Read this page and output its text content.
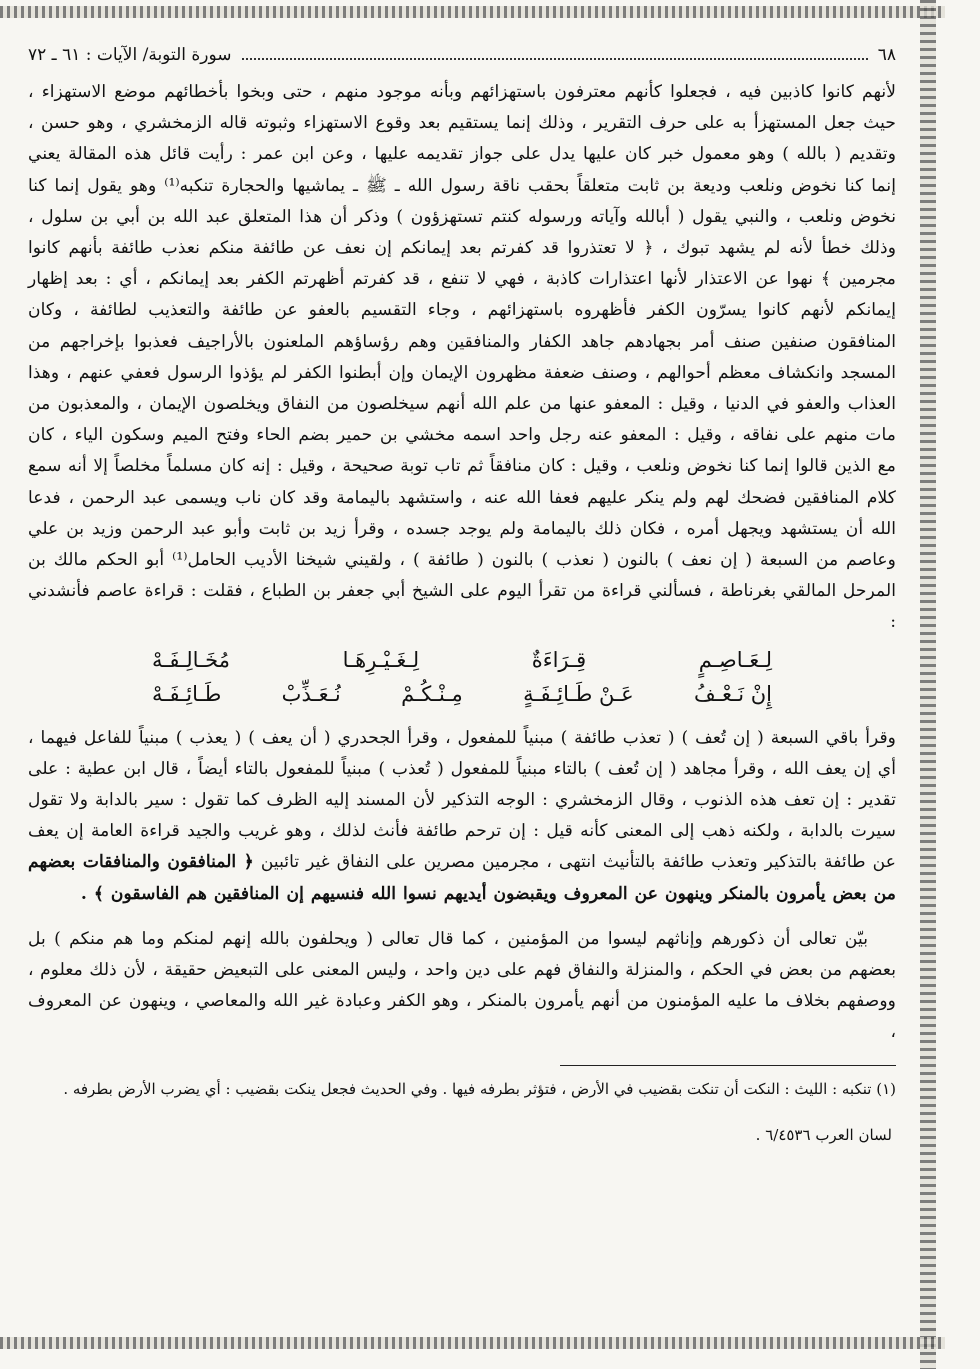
٦٨
سورة التوبة/ الآيات : ٦١ ـ ٧٢

لأنهم كانوا كاذبين فيه ، فجعلوا كأنهم معترفون باستهزائهم وبأنه موجود منهم ، حتى وبخوا بأخطائهم موضع الاستهزاء ، حيث جعل المستهزأ به على حرف التقرير ، وذلك إنما يستقيم بعد وقوع الاستهزاء وثبوته قاله الزمخشري ، وهو حسن ، وتقديم ( بالله ) وهو معمول خبر كان عليها يدل على جواز تقديمه عليها ، وعن ابن عمر : رأيت قائل هذه المقالة يعني إنما كنا نخوض ونلعب وديعة بن ثابت متعلقاً بحقب ناقة رسول الله ـ ﷺ ـ يماشيها والحجارة تنكبه⁽¹⁾ وهو يقول إنما كنا نخوض ونلعب ، والنبي يقول ( أبالله وآياته ورسوله كنتم تستهزؤون ) وذكر أن هذا المتعلق عبد الله بن أبي بن سلول ، وذلك خطأ لأنه لم يشهد تبوك ، ﴿ لا تعتذروا قد كفرتم بعد إيمانكم إن نعف عن طائفة منكم نعذب طائفة بأنهم كانوا مجرمين ﴾ نهوا عن الاعتذار لأنها اعتذارات كاذبة ، فهي لا تنفع ، قد كفرتم أظهرتم الكفر بعد إيمانكم ، أي : بعد إظهار إيمانكم لأنهم كانوا يسرّون الكفر فأظهروه باستهزائهم ، وجاء التقسيم بالعفو عن طائفة والتعذيب لطائفة ، وكان المنافقون صنفين صنف أمر بجهادهم جاهد الكفار والمنافقين وهم رؤساؤهم الملعنون بالأراجيف فعذبوا بإخراجهم من المسجد وانكشاف معظم أحوالهم ، وصنف ضعفة مظهرون الإيمان وإن أبطنوا الكفر لم يؤذوا الرسول فعفي عنهم ، وهذا العذاب والعفو في الدنيا ، وقيل : المعفو عنها من علم الله أنهم سيخلصون من النفاق ويخلصون الإيمان ، والمعذبون من مات منهم على نفاقه ، وقيل : المعفو عنه رجل واحد اسمه مخشي بن حمير بضم الحاء وفتح الميم وسكون الياء ، كان مع الذين قالوا إنما كنا نخوض ونلعب ، وقيل : كان منافقاً ثم تاب توبة صحيحة ، وقيل : إنه كان مسلماً مخلصاً إلا أنه سمع كلام المنافقين فضحك لهم ولم ينكر عليهم فعفا الله عنه ، واستشهد باليمامة وقد كان ناب ويسمى عبد الرحمن ، فدعا الله أن يستشهد ويجهل أمره ، فكان ذلك باليمامة ولم يوجد جسده ، وقرأ زيد بن ثابت وأبو عبد الرحمن وزيد بن علي وعاصم من السبعة ( إن نعف ) بالنون ( نعذب ) بالنون ( طائفة ) ، ولقيني شيخنا الأديب الحامل⁽¹⁾ أبو الحكم مالك بن المرحل المالقي بغرناطة ، فسألني قراءة من تقرأ اليوم على الشيخ أبي جعفر بن الطباع ، فقلت : قراءة عاصم فأنشدني :

لِـعَـاصِـمٍ
قِـرَاءَةٌ
لِـغَـيْـرِهَـا
مُخَـالِـفَـهْ
إِنْ نَـعْـفُ
عَـنْ طَـائِـفَـةٍ
مِـنْـكُـمْ
نُـعَـذِّبْ
طَـائِـفَـهْ

وقرأ باقي السبعة ( إن تُعف ) ( تعذب طائفة ) مبنياً للمفعول ، وقرأ الجحدري ( أن يعف ) ( يعذب ) مبنياً للفاعل فيهما ، أي إن يعف الله ، وقرأ مجاهد ( إن تُعف ) بالتاء مبنياً للمفعول ( تُعذب ) مبنياً للمفعول بالتاء أيضاً ، قال ابن عطية : على تقدير : إن تعف هذه الذنوب ، وقال الزمخشري : الوجه التذكير لأن المسند إليه الظرف كما تقول : سير بالدابة ولا تقول سيرت بالدابة ، ولكنه ذهب إلى المعنى كأنه قيل : إن ترحم طائفة فأنث لذلك ، وهو غريب والجيد قراءة العامة إن يعف عن طائفة بالتذكير وتعذب طائفة بالتأنيث انتهى ، مجرمين مصرين على النفاق غير تائبين ﴿ المنافقون والمنافقات بعضهم من بعض يأمرون بالمنكر وينهون عن المعروف ويقبضون أيديهم نسوا الله فنسيهم إن المنافقين هم الفاسقون ﴾ .

بيّن تعالى أن ذكورهم وإناثهم ليسوا من المؤمنين ، كما قال تعالى ( ويحلفون بالله إنهم لمنكم وما هم منكم ) بل بعضهم من بعض في الحكم ، والمنزلة والنفاق فهم على دين واحد ، وليس المعنى على التبعيض حقيقة ، لأن ذلك معلوم ، ووصفهم بخلاف ما عليه المؤمنون من أنهم يأمرون بالمنكر ، وهو الكفر وعبادة غير الله والمعاصي ، وينهون عن المعروف ،

(١) تنكبه : الليث : النكت أن تنكت بقضيب في الأرض ، فتؤثر بطرفه فيها . وفي الحديث فجعل ينكت بقضيب : أي يضرب الأرض بطرفه .

لسان العرب ٦/٤٥٣٦ .
